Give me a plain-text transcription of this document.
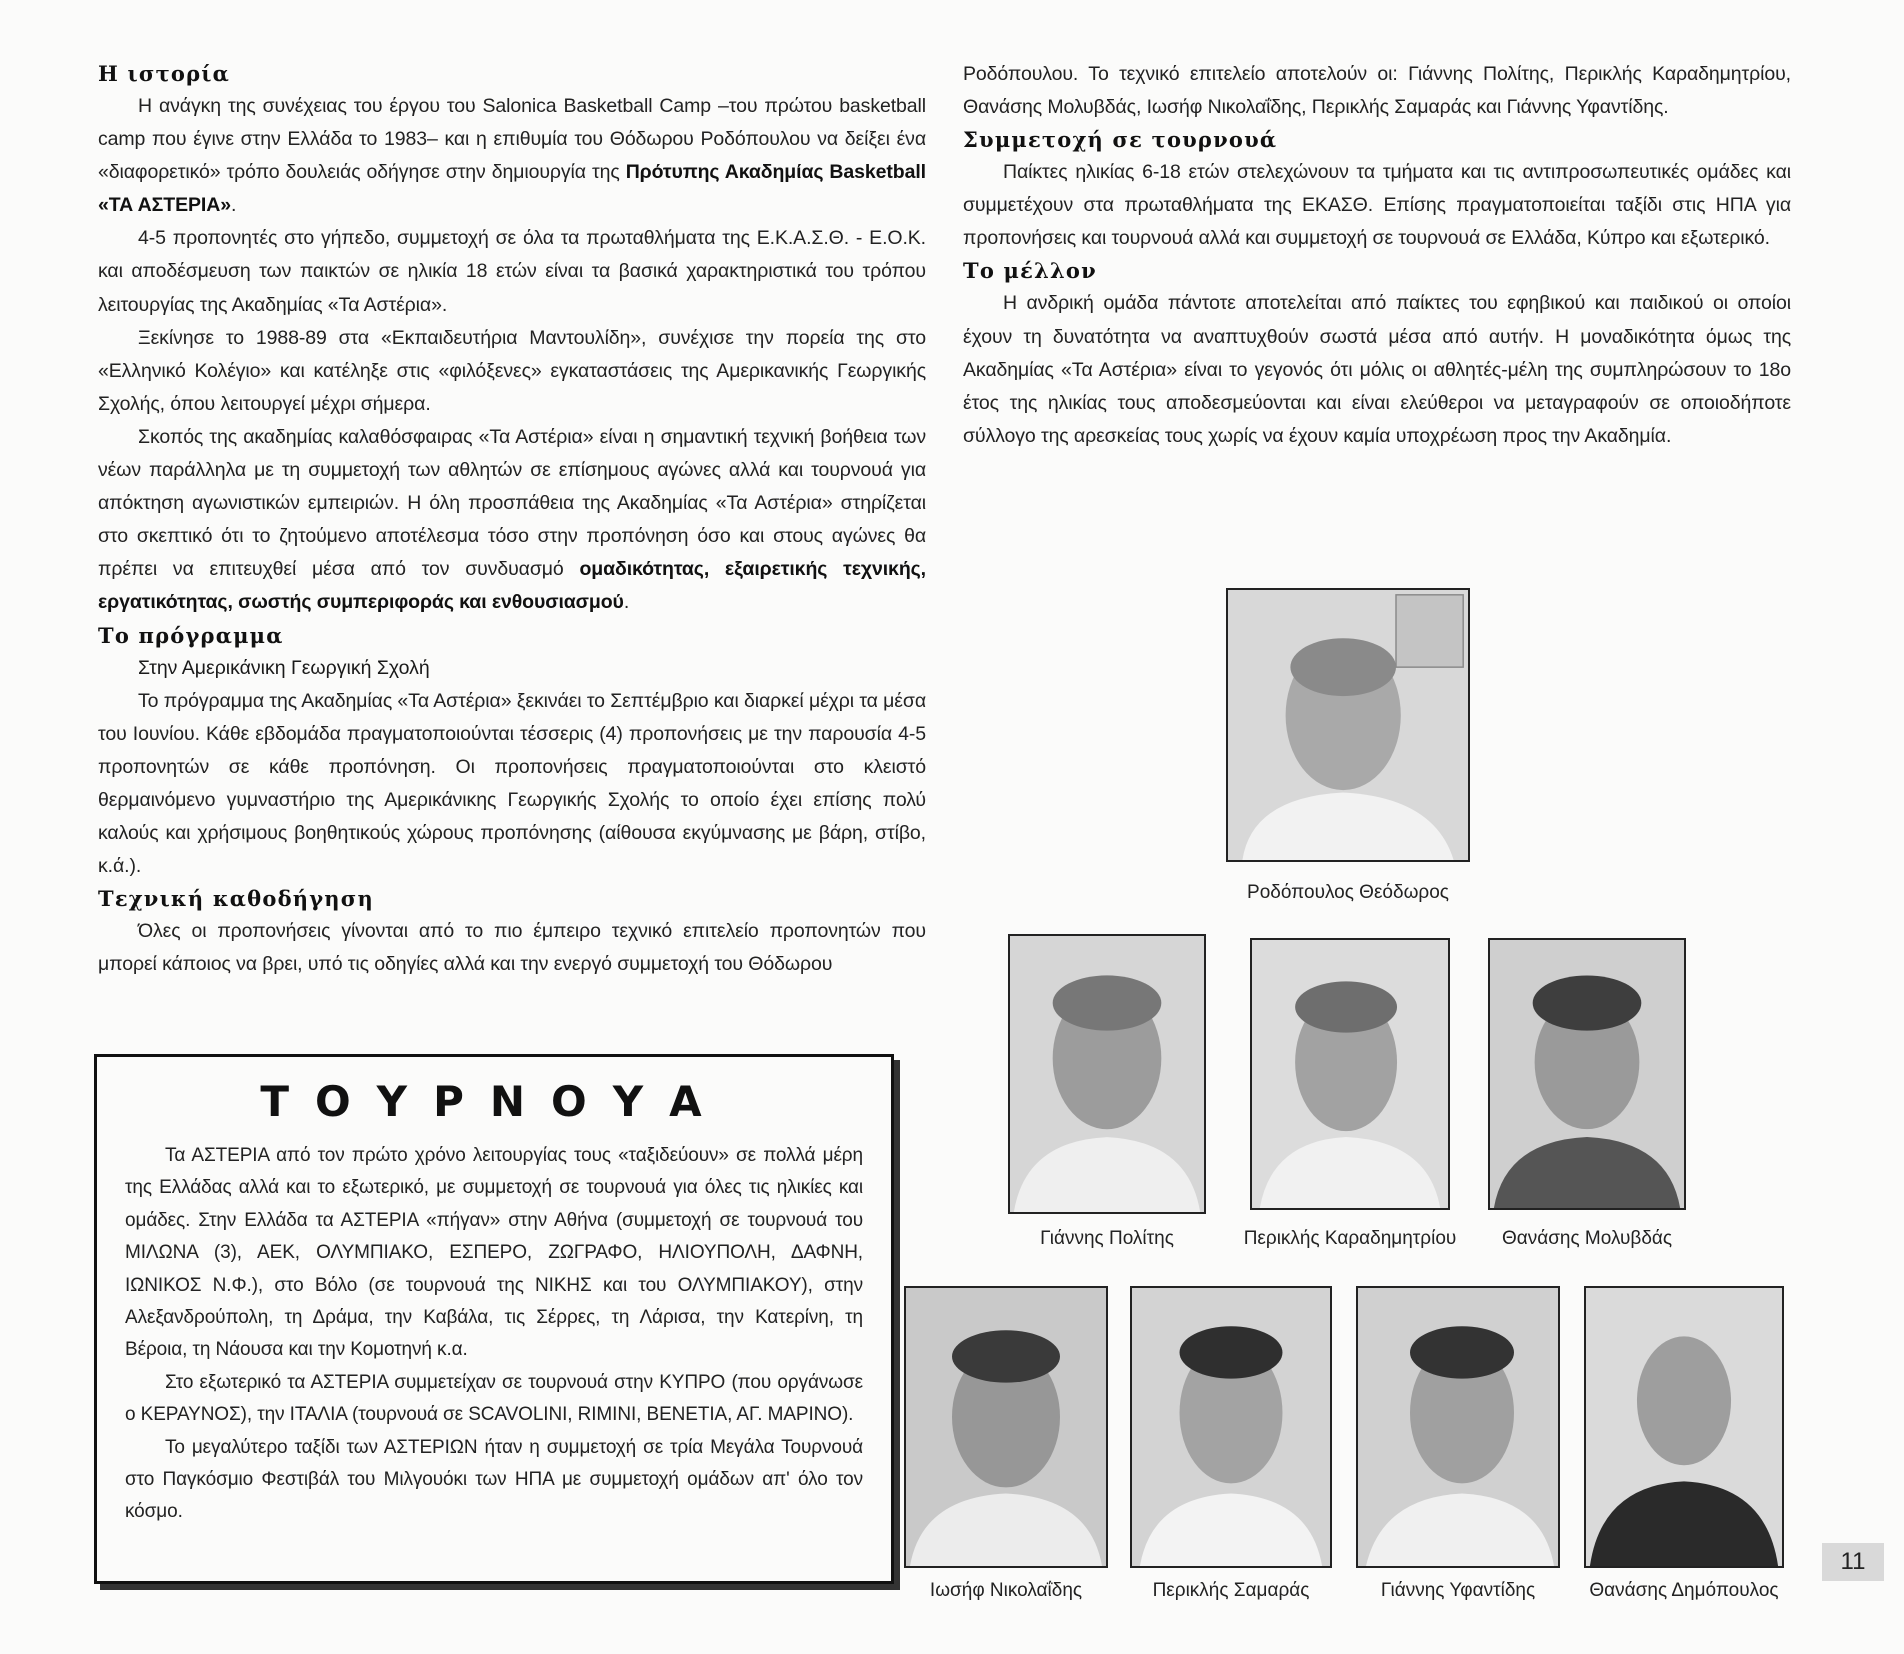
Η ιστορία

Η ανάγκη της συνέχειας του έργου του Salonica Basketball Camp –του πρώτου basketball camp που έγινε στην Ελλάδα το 1983– και η επιθυμία του Θόδωρου Ροδόπουλου να δείξει ένα «διαφορετικό» τρόπο δουλειάς οδήγησε στην δημιουργία της Πρότυπης Ακαδημίας Basketball «ΤΑ ΑΣΤΕΡΙΑ».

4-5 προπονητές στο γήπεδο, συμμετοχή σε όλα τα πρωταθλήματα της Ε.Κ.Α.Σ.Θ. - Ε.Ο.Κ. και αποδέσμευση των παικτών σε ηλικία 18 ετών είναι τα βασικά χαρακτηριστικά του τρόπου λειτουργίας της Ακαδημίας «Τα Αστέρια».

Ξεκίνησε το 1988-89 στα «Εκπαιδευτήρια Μαντουλίδη», συνέχισε την πορεία της στο «Ελληνικό Κολέγιο» και κατέληξε στις «φιλόξενες» εγκαταστάσεις της Αμερικανικής Γεωργικής Σχολής, όπου λειτουργεί μέχρι σήμερα.

Σκοπός της ακαδημίας καλαθόσφαιρας «Τα Αστέρια» είναι η σημαντική τεχνική βοήθεια των νέων παράλληλα με τη συμμετοχή των αθλητών σε επίσημους αγώνες αλλά και τουρνουά για απόκτηση αγωνιστικών εμπειριών. Η όλη προσπάθεια της Ακαδημίας «Τα Αστέρια» στηρίζεται στο σκεπτικό ότι το ζητούμενο αποτέλεσμα τόσο στην προπόνηση όσο και στους αγώνες θα πρέπει να επιτευχθεί μέσα από τον συνδυασμό ομαδικότητας, εξαιρετικής τεχνικής, εργατικότητας, σωστής συμπεριφοράς και ενθουσιασμού.

Το πρόγραμμα
Στην Αμερικάνικη Γεωργική Σχολή

Το πρόγραμμα της Ακαδημίας «Τα Αστέρια» ξεκινάει το Σεπτέμβριο και διαρκεί μέχρι τα μέσα του Ιουνίου. Κάθε εβδομάδα πραγματοποιούνται τέσσερις (4) προπονήσεις με την παρουσία 4-5 προπονητών σε κάθε προπόνηση. Οι προπονήσεις πραγματοποιούνται στο κλειστό θερμαινόμενο γυμναστήριο της Αμερικάνικης Γεωργικής Σχολής το οποίο έχει επίσης πολύ καλούς και χρήσιμους βοηθητικούς χώρους προπόνησης (αίθουσα εκγύμνασης με βάρη, στίβο, κ.ά.).

Τεχνική καθοδήγηση

Όλες οι προπονήσεις γίνονται από το πιο έμπειρο τεχνικό επιτελείο προπονητών που μπορεί κάποιος να βρει, υπό τις οδηγίες αλλά και την ενεργό συμμετοχή του Θόδωρου

Ροδόπουλου. Το τεχνικό επιτελείο αποτελούν οι: Γιάννης Πολίτης, Περικλής Καραδημητρίου, Θανάσης Μολυβδάς, Ιωσήφ Νικολαΐδης, Περικλής Σαμαράς και Γιάννης Υφαντίδης.

Συμμετοχή σε τουρνουά

Παίκτες ηλικίας 6-18 ετών στελεχώνουν τα τμήματα και τις αντιπροσωπευτικές ομάδες και συμμετέχουν στα πρωταθλήματα της ΕΚΑΣΘ. Επίσης πραγματοποιείται ταξίδι στις ΗΠΑ για προπονήσεις και τουρνουά αλλά και συμμετοχή σε τουρνουά σε Ελλάδα, Κύπρο και εξωτερικό.

Το μέλλον

Η ανδρική ομάδα πάντοτε αποτελείται από παίκτες του εφηβικού και παιδικού οι οποίοι έχουν τη δυνατότητα να αναπτυχθούν σωστά μέσα από αυτήν. Η μοναδικότητα όμως της Ακαδημίας «Τα Αστέρια» είναι το γεγονός ότι μόλις οι αθλητές-μέλη της συμπληρώσουν το 18ο έτος της ηλικίας τους αποδεσμεύονται και είναι ελεύθεροι να μεταγραφούν σε οποιοδήποτε σύλλογο της αρεσκείας τους χωρίς να έχουν καμία υποχρέωση προς την Ακαδημία.

ΤΟΥΡΝΟΥΑ

Τα ΑΣΤΕΡΙΑ από τον πρώτο χρόνο λειτουργίας τους «ταξιδεύουν» σε πολλά μέρη της Ελλάδας αλλά και το εξωτερικό, με συμμετοχή σε τουρνουά για όλες τις ηλικίες και ομάδες. Στην Ελλάδα τα ΑΣΤΕΡΙΑ «πήγαν» στην Αθήνα (συμμετοχή σε τουρνουά του ΜΙΛΩΝΑ (3), ΑΕΚ, ΟΛΥΜΠΙΑΚΟ, ΕΣΠΕΡΟ, ΖΩΓΡΑΦΟ, ΗΛΙΟΥΠΟΛΗ, ΔΑΦΝΗ, ΙΩΝΙΚΟΣ Ν.Φ.), στο Βόλο (σε τουρνουά της ΝΙΚΗΣ και του ΟΛΥΜΠΙΑΚΟΥ), στην Αλεξανδρούπολη, τη Δράμα, την Καβάλα, τις Σέρρες, τη Λάρισα, την Κατερίνη, τη Βέροια, τη Νάουσα και την Κομοτηνή κ.α.

Στο εξωτερικό τα ΑΣΤΕΡΙΑ συμμετείχαν σε τουρνουά στην ΚΥΠΡΟ (που οργάνωσε ο ΚΕΡΑΥΝΟΣ), την ΙΤΑΛΙΑ (τουρνουά σε SCAVOLINI, RIMINI, ΒΕΝΕΤΙΑ, ΑΓ. ΜΑΡΙΝΟ).

Το μεγαλύτερο ταξίδι των ΑΣΤΕΡΙΩΝ ήταν η συμμετοχή σε τρία Μεγάλα Τουρνουά στο Παγκόσμιο Φεστιβάλ του Μιλγουόκι των ΗΠΑ με συμμετοχή ομάδων απ' όλο τον κόσμο.

Ροδόπουλος Θεόδωρος
Γιάννης Πολίτης	Περικλής Καραδημητρίου	Θανάσης Μολυβδάς
Ιωσήφ Νικολαΐδης	Περικλής Σαμαράς	Γιάννης Υφαντίδης	Θανάσης Δημόπουλος
11
